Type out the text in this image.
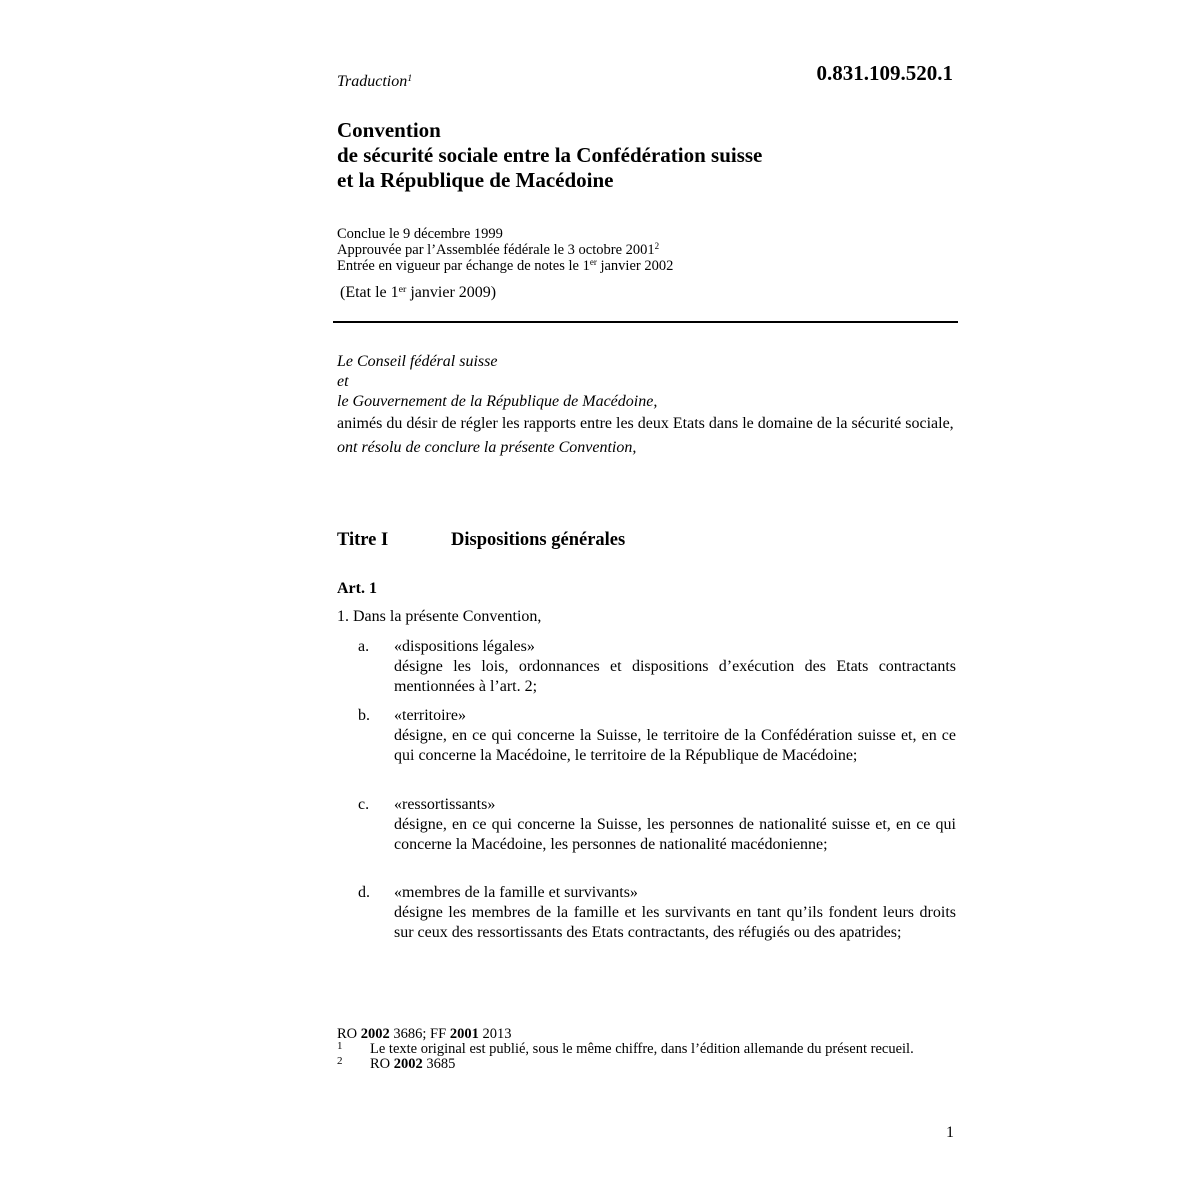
0.831.109.520.1
Traduction$^1$
Convention
de sécurité sociale entre la Confédération suisse
et la République de Macédoine
Conclue le 9 décembre 1999
Approuvée par l’Assemblée fédérale le 3 octobre 2001$^2$
Entrée en vigueur par échange de notes le 1er janvier 2002
(Etat le 1er janvier 2009)

Le Conseil fédéral suisse

et

le Gouvernement de la République de Macédoine,

animés du désir de régler les rapports entre les deux Etats dans le domaine de la sécurité sociale,

ont résolu de conclure la présente Convention,

Titre I	Dispositions générales
Art. 1
1. Dans la présente Convention,
a. «dispositions légales»
désigne les lois, ordonnances et dispositions d’exécution des Etats contractants mentionnées à l’art. 2;
b. «territoire»
désigne, en ce qui concerne la Suisse, le territoire de la Confédération suisse et, en ce qui concerne la Macédoine, le territoire de la République de Macédoine;
c. «ressortissants»
désigne, en ce qui concerne la Suisse, les personnes de nationalité suisse et, en ce qui concerne la Macédoine, les personnes de nationalité macédonienne;
d. «membres de la famille et survivants»
désigne les membres de la famille et les survivants en tant qu’ils fondent leurs droits sur ceux des ressortissants des Etats contractants, des réfugiés ou des apatrides;
RO 2002 3686; FF 2001 2013
1 Le texte original est publié, sous le même chiffre, dans l’édition allemande du présent recueil.
2 RO 2002 3685
1
